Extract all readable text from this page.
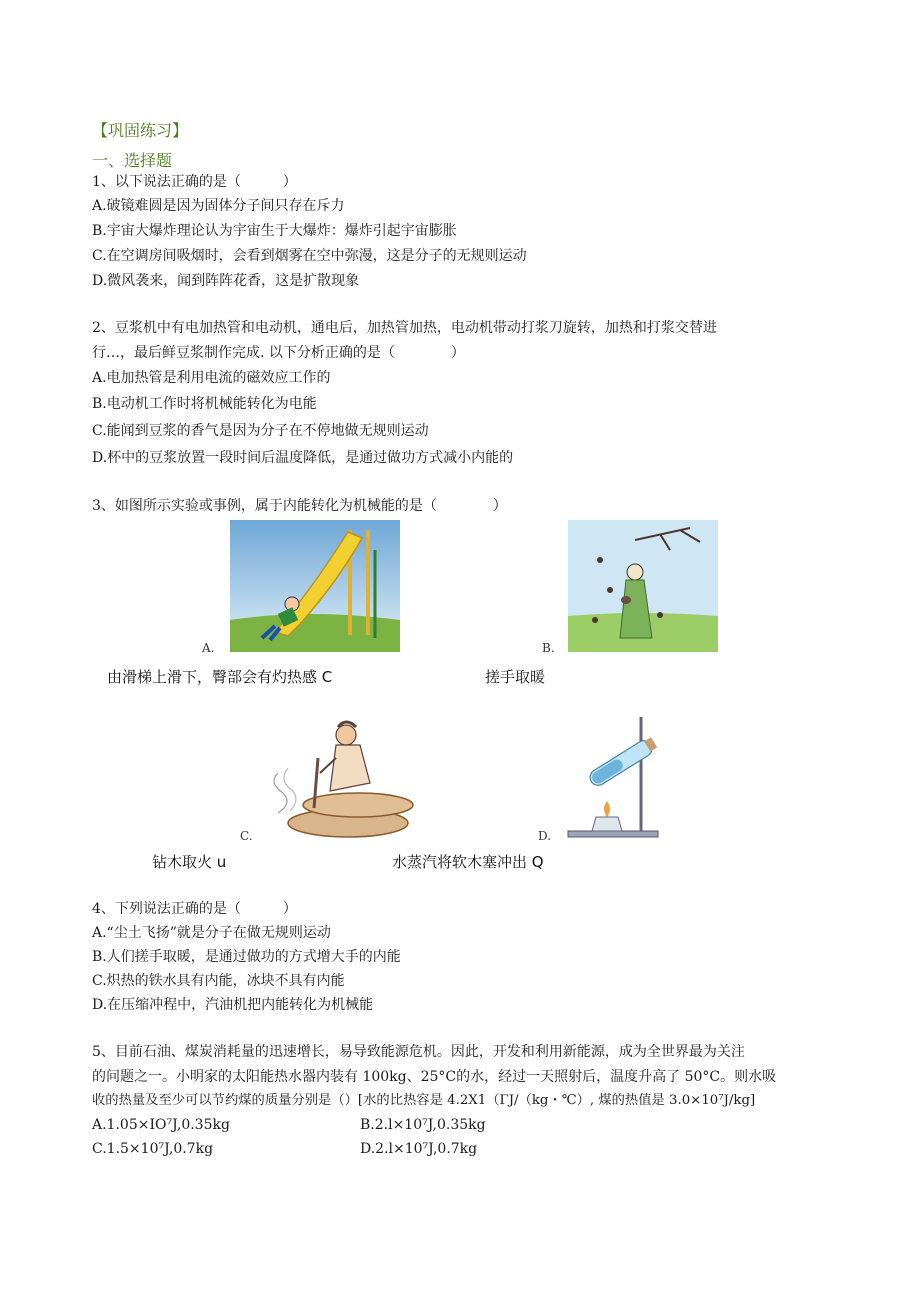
【巩固练习】
一、选择题
1、以下说法正确的是（　　　）
A.破镜难圆是因为固体分子间只存在斥力
B.宇宙大爆炸理论认为宇宙生于大爆炸：爆炸引起宇宙膨胀
C.在空调房间吸烟时，会看到烟雾在空中弥漫，这是分子的无规则运动
D.微风袭来，闻到阵阵花香，这是扩散现象
2、豆浆机中有电加热管和电动机，通电后，加热管加热，电动机带动打浆刀旋转，加热和打浆交替进
行…，最后鲜豆浆制作完成. 以下分析正确的是（　　　　）
A.电加热管是利用电流的磁效应工作的
B.电动机工作时将机械能转化为电能
C.能闻到豆浆的香气是因为分子在不停地做无规则运动
D.杯中的豆浆放置一段时间后温度降低，是通过做功方式减小内能的
3、如图所示实验或事例，属于内能转化为机械能的是（　　　　）
A.	B.
由滑梯上滑下，臀部会有灼热感 C	搓手取暖
C.	D.
钻木取火 u	水蒸汽将软木塞冲出 Q
4、下列说法正确的是（　　　）
A.“尘土飞扬”就是分子在做无规则运动
B.人们搓手取暖，是通过做功的方式增大手的内能
C.炽热的铁水具有内能，冰块不具有内能
D.在压缩冲程中，汽油机把内能转化为机械能
5、目前石油、煤炭消耗量的迅速增长，易导致能源危机。因此，开发和利用新能源，成为全世界最为关注
的问题之一。小明家的太阳能热水器内装有 100kg、25°C的水，经过一天照射后，温度升高了 50°C。则水吸
收的热量及至少可以节约煤的质量分别是（）[水的比热容是 4.2X1（ΓJ/（kg・℃）, 煤的热值是 3.0×10⁷J/kg]
A.1.05×IO⁷J,0.35kg	B.2.l×10⁷J,0.35kg
C.1.5×10⁷J,0.7kg	D.2.l×10⁷J,0.7kg
